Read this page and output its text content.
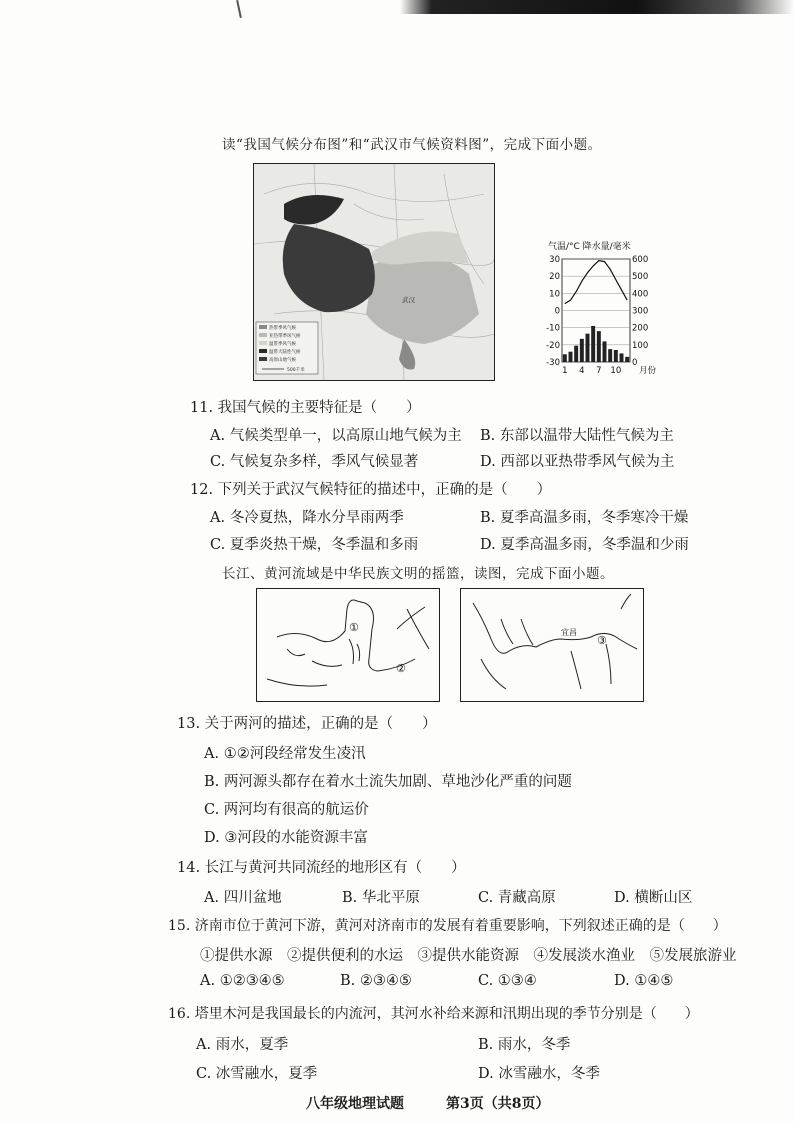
读“我国气候分布图”和“武汉市气候资料图”，完成下面小题。
武汉
热带季风气候
亚热带季风气候
温带季风气候
温带大陆性气候
高原山地气候
500千米
气温/°C 降水量/毫米
30
20
10
0
-10
-20
-30
600
500
400
300
200
100
0
1 4 7 10 月份
11. 我国气候的主要特征是（　　）
A. 气候类型单一，以高原山地气候为主 B. 东部以温带大陆性气候为主
C. 气候复杂多样，季风气候显著	D. 西部以亚热带季风气候为主
12. 下列关于武汉气候特征的描述中，正确的是（　　）
A. 冬冷夏热，降水分旱雨两季	B. 夏季高温多雨，冬季寒冷干燥
C. 夏季炎热干燥，冬季温和多雨	D. 夏季高温多雨，冬季温和少雨
长江、黄河流域是中华民族文明的摇篮，读图，完成下面小题。
①
②
宜昌
③
13. 关于两河的描述，正确的是（　　）
A. ①②河段经常发生凌汛
B. 两河源头都存在着水土流失加剧、草地沙化严重的问题
C. 两河均有很高的航运价
D. ③河段的水能资源丰富
14. 长江与黄河共同流经的地形区有（　　）
A. 四川盆地	B. 华北平原	C. 青藏高原	D. 横断山区
15. 济南市位于黄河下游，黄河对济南市的发展有着重要影响，下列叙述正确的是（　　）
①提供水源　②提供便利的水运　③提供水能资源　④发展淡水渔业　⑤发展旅游业
A. ①②③④⑤	B. ②③④⑤	C. ①③④	D. ①④⑤
16. 塔里木河是我国最长的内流河，其河水补给来源和汛期出现的季节分别是（　　）
A. 雨水，夏季	B. 雨水，冬季
C. 冰雪融水，夏季	D. 冰雪融水，冬季
八年级地理试题	第3页（共8页）
